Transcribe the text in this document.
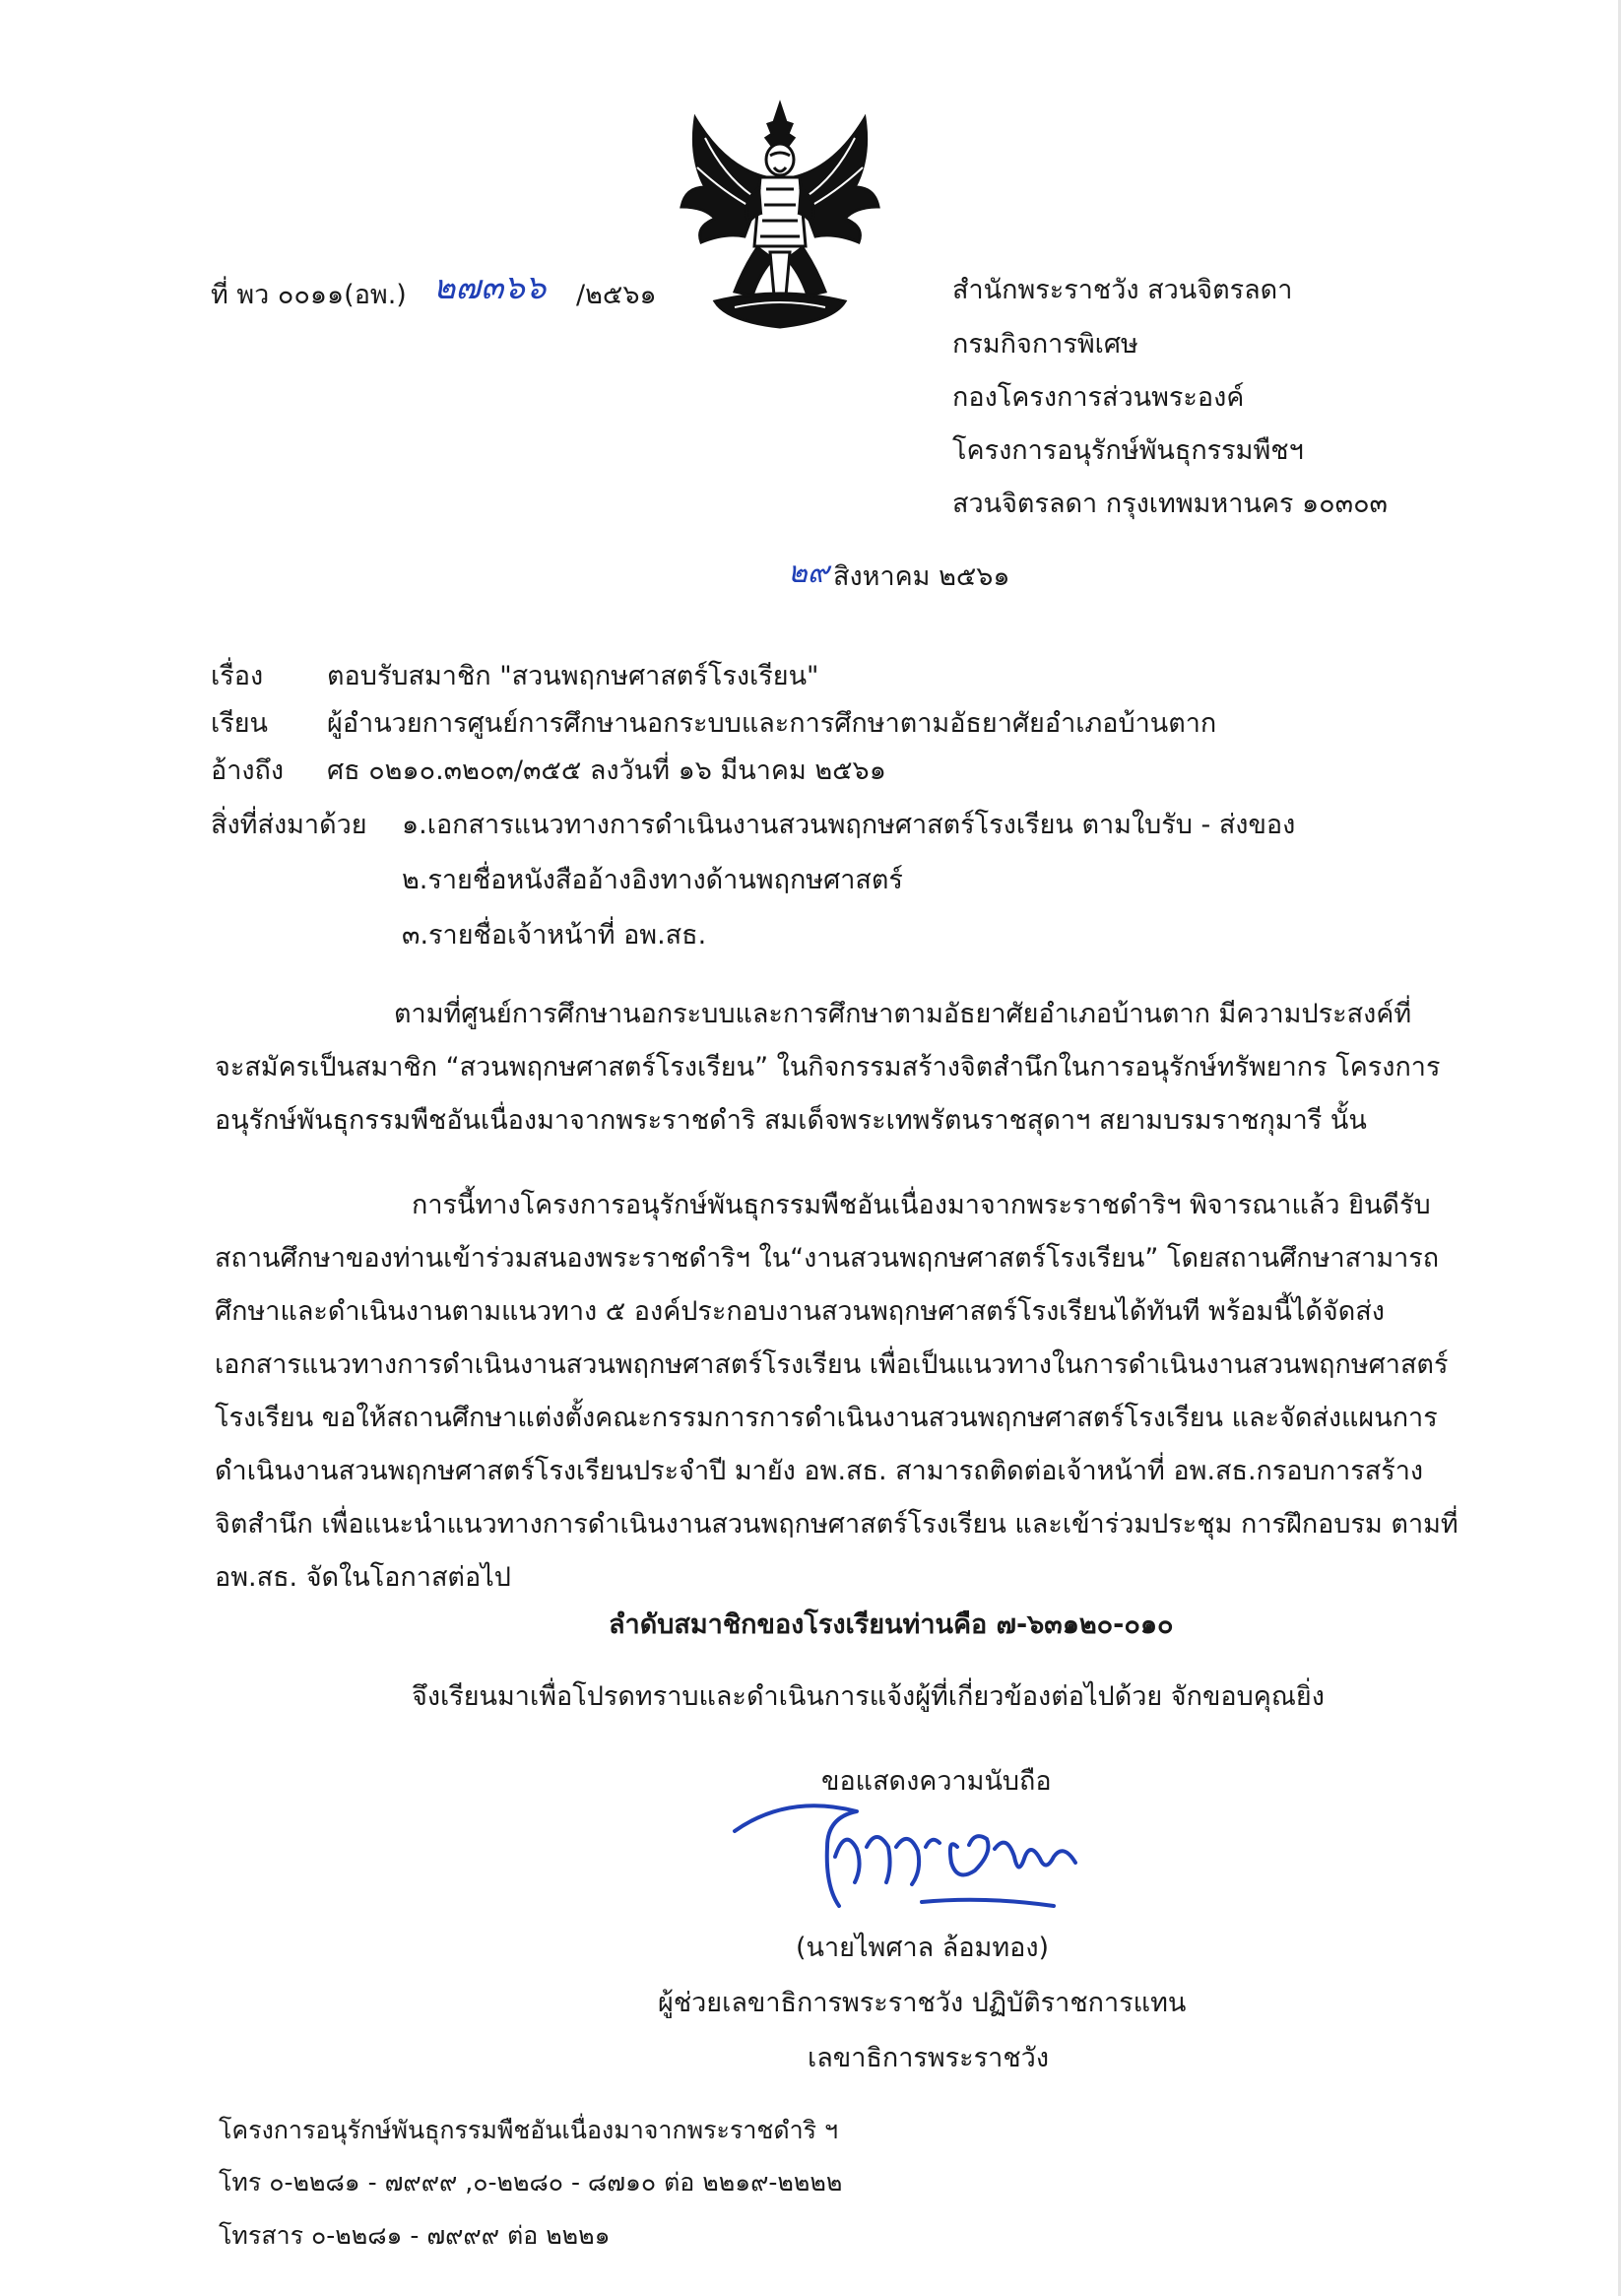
ที่ พว ๐๐๑๑(อพ.) ๒๗๓๖๖ /๒๕๖๑	สำนักพระราชวัง สวนจิตรลดา
กรมกิจการพิเศษ
กองโครงการส่วนพระองค์
โครงการอนุรักษ์พันธุกรรมพืชฯ
สวนจิตรลดา กรุงเทพมหานคร ๑๐๓๐๓
๒๙ สิงหาคม ๒๕๖๑
เรื่อง ตอบรับสมาชิก "สวนพฤกษศาสตร์โรงเรียน"
เรียน ผู้อำนวยการศูนย์การศึกษานอกระบบและการศึกษาตามอัธยาศัยอำเภอบ้านตาก
อ้างถึง ศธ ๐๒๑๐.๓๒๐๓/๓๕๕ ลงวันที่ ๑๖ มีนาคม ๒๕๖๑
สิ่งที่ส่งมาด้วย ๑.เอกสารแนวทางการดำเนินงานสวนพฤกษศาสตร์โรงเรียน ตามใบรับ - ส่งของ
๒.รายชื่อหนังสืออ้างอิงทางด้านพฤกษศาสตร์
๓.รายชื่อเจ้าหน้าที่ อพ.สธ.
ตามที่ศูนย์การศึกษานอกระบบและการศึกษาตามอัธยาศัยอำเภอบ้านตาก มีความประสงค์ที่
จะสมัครเป็นสมาชิก “สวนพฤกษศาสตร์โรงเรียน” ในกิจกรรมสร้างจิตสำนึกในการอนุรักษ์ทรัพยากร โครงการ
อนุรักษ์พันธุกรรมพืชอันเนื่องมาจากพระราชดำริ สมเด็จพระเทพรัตนราชสุดาฯ สยามบรมราชกุมารี นั้น
การนี้ทางโครงการอนุรักษ์พันธุกรรมพืชอันเนื่องมาจากพระราชดำริฯ พิจารณาแล้ว ยินดีรับ
สถานศึกษาของท่านเข้าร่วมสนองพระราชดำริฯ ใน“งานสวนพฤกษศาสตร์โรงเรียน” โดยสถานศึกษาสามารถ
ศึกษาและดำเนินงานตามแนวทาง ๕ องค์ประกอบงานสวนพฤกษศาสตร์โรงเรียนได้ทันที พร้อมนี้ได้จัดส่ง
เอกสารแนวทางการดำเนินงานสวนพฤกษศาสตร์โรงเรียน เพื่อเป็นแนวทางในการดำเนินงานสวนพฤกษศาสตร์
โรงเรียน ขอให้สถานศึกษาแต่งตั้งคณะกรรมการการดำเนินงานสวนพฤกษศาสตร์โรงเรียน และจัดส่งแผนการ
ดำเนินงานสวนพฤกษศาสตร์โรงเรียนประจำปี มายัง อพ.สธ. สามารถติดต่อเจ้าหน้าที่ อพ.สธ.กรอบการสร้าง
จิตสำนึก เพื่อแนะนำแนวทางการดำเนินงานสวนพฤกษศาสตร์โรงเรียน และเข้าร่วมประชุม การฝึกอบรม ตามที่
อพ.สธ. จัดในโอกาสต่อไป
ลำดับสมาชิกของโรงเรียนท่านคือ ๗-๖๓๑๒๐-๐๑๐
จึงเรียนมาเพื่อโปรดทราบและดำเนินการแจ้งผู้ที่เกี่ยวข้องต่อไปด้วย จักขอบคุณยิ่ง
ขอแสดงความนับถือ
(นายไพศาล ล้อมทอง)
ผู้ช่วยเลขาธิการพระราชวัง ปฏิบัติราชการแทน
เลขาธิการพระราชวัง
โครงการอนุรักษ์พันธุกรรมพืชอันเนื่องมาจากพระราชดำริ ฯ
โทร ๐-๒๒๘๑ - ๗๙๙๙ ,๐-๒๒๘๐ - ๘๗๑๐ ต่อ ๒๒๑๙-๒๒๒๒
โทรสาร ๐-๒๒๘๑ - ๗๙๙๙ ต่อ ๒๒๒๑
